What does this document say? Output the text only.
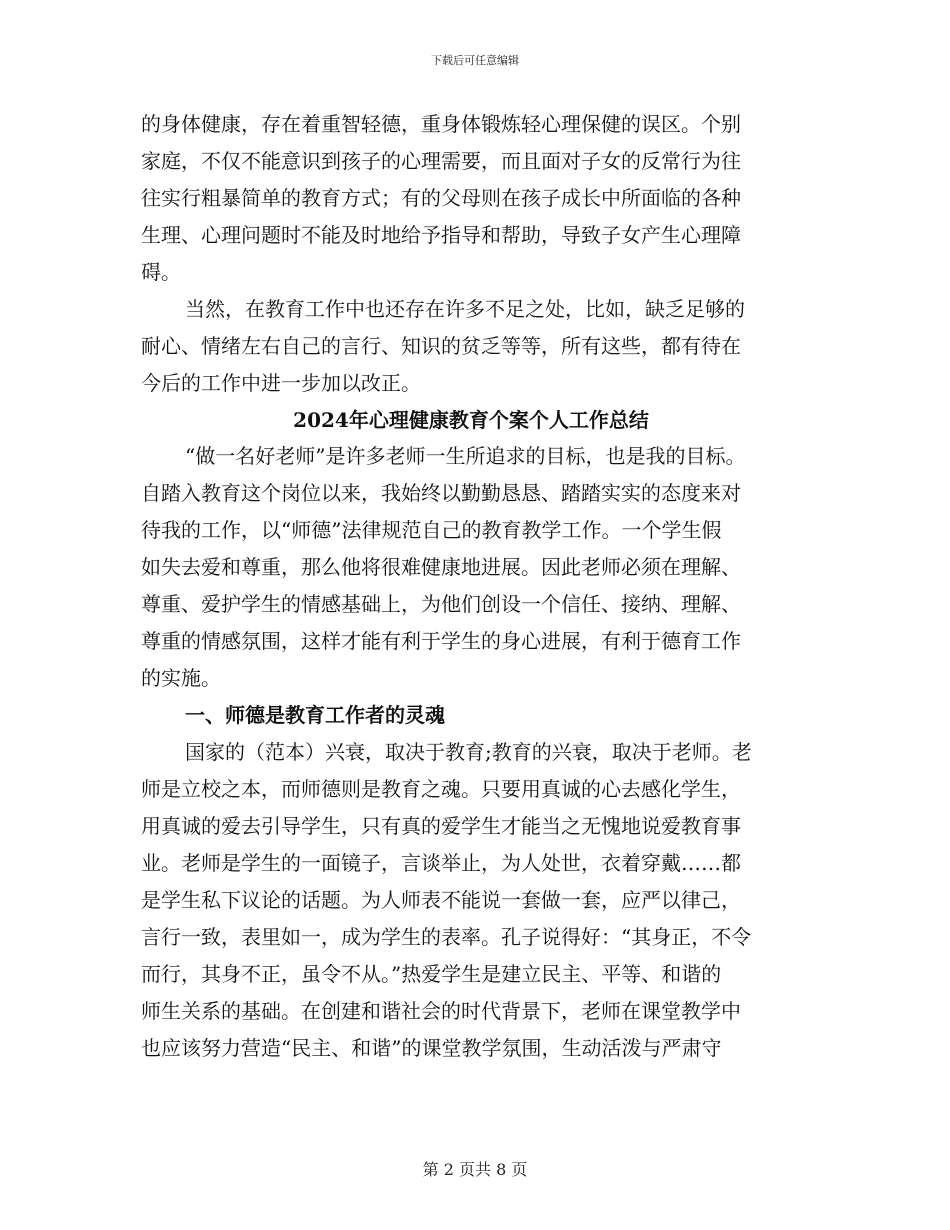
下载后可任意编辑
的身体健康，存在着重智轻德，重身体锻炼轻心理保健的误区。个别
家庭，不仅不能意识到孩子的心理需要，而且面对子女的反常行为往
往实行粗暴简单的教育方式；有的父母则在孩子成长中所面临的各种
生理、心理问题时不能及时地给予指导和帮助，导致子女产生心理障
碍。
当然，在教育工作中也还存在许多不足之处，比如，缺乏足够的
耐心、情绪左右自己的言行、知识的贫乏等等，所有这些，都有待在
今后的工作中进一步加以改正。
2024年心理健康教育个案个人工作总结
“做一名好老师”是许多老师一生所追求的目标，也是我的目标。
自踏入教育这个岗位以来，我始终以勤勤恳恳、踏踏实实的态度来对
待我的工作，以“师德”法律规范自己的教育教学工作。一个学生假
如失去爱和尊重，那么他将很难健康地进展。因此老师必须在理解、
尊重、爱护学生的情感基础上，为他们创设一个信任、接纳、理解、
尊重的情感氛围，这样才能有利于学生的身心进展，有利于德育工作
的实施。
一、师德是教育工作者的灵魂
国家的（范本）兴衰，取决于教育;教育的兴衰，取决于老师。老
师是立校之本，而师德则是教育之魂。只要用真诚的心去感化学生，
用真诚的爱去引导学生，只有真的爱学生才能当之无愧地说爱教育事
业。老师是学生的一面镜子，言谈举止，为人处世，衣着穿戴……都
是学生私下议论的话题。为人师表不能说一套做一套，应严以律己，
言行一致，表里如一，成为学生的表率。孔子说得好：“其身正，不令
而行，其身不正，虽令不从。”热爱学生是建立民主、平等、和谐的
师生关系的基础。在创建和谐社会的时代背景下，老师在课堂教学中
也应该努力营造“民主、和谐”的课堂教学氛围，生动活泼与严肃守
第 2 页共 8 页
